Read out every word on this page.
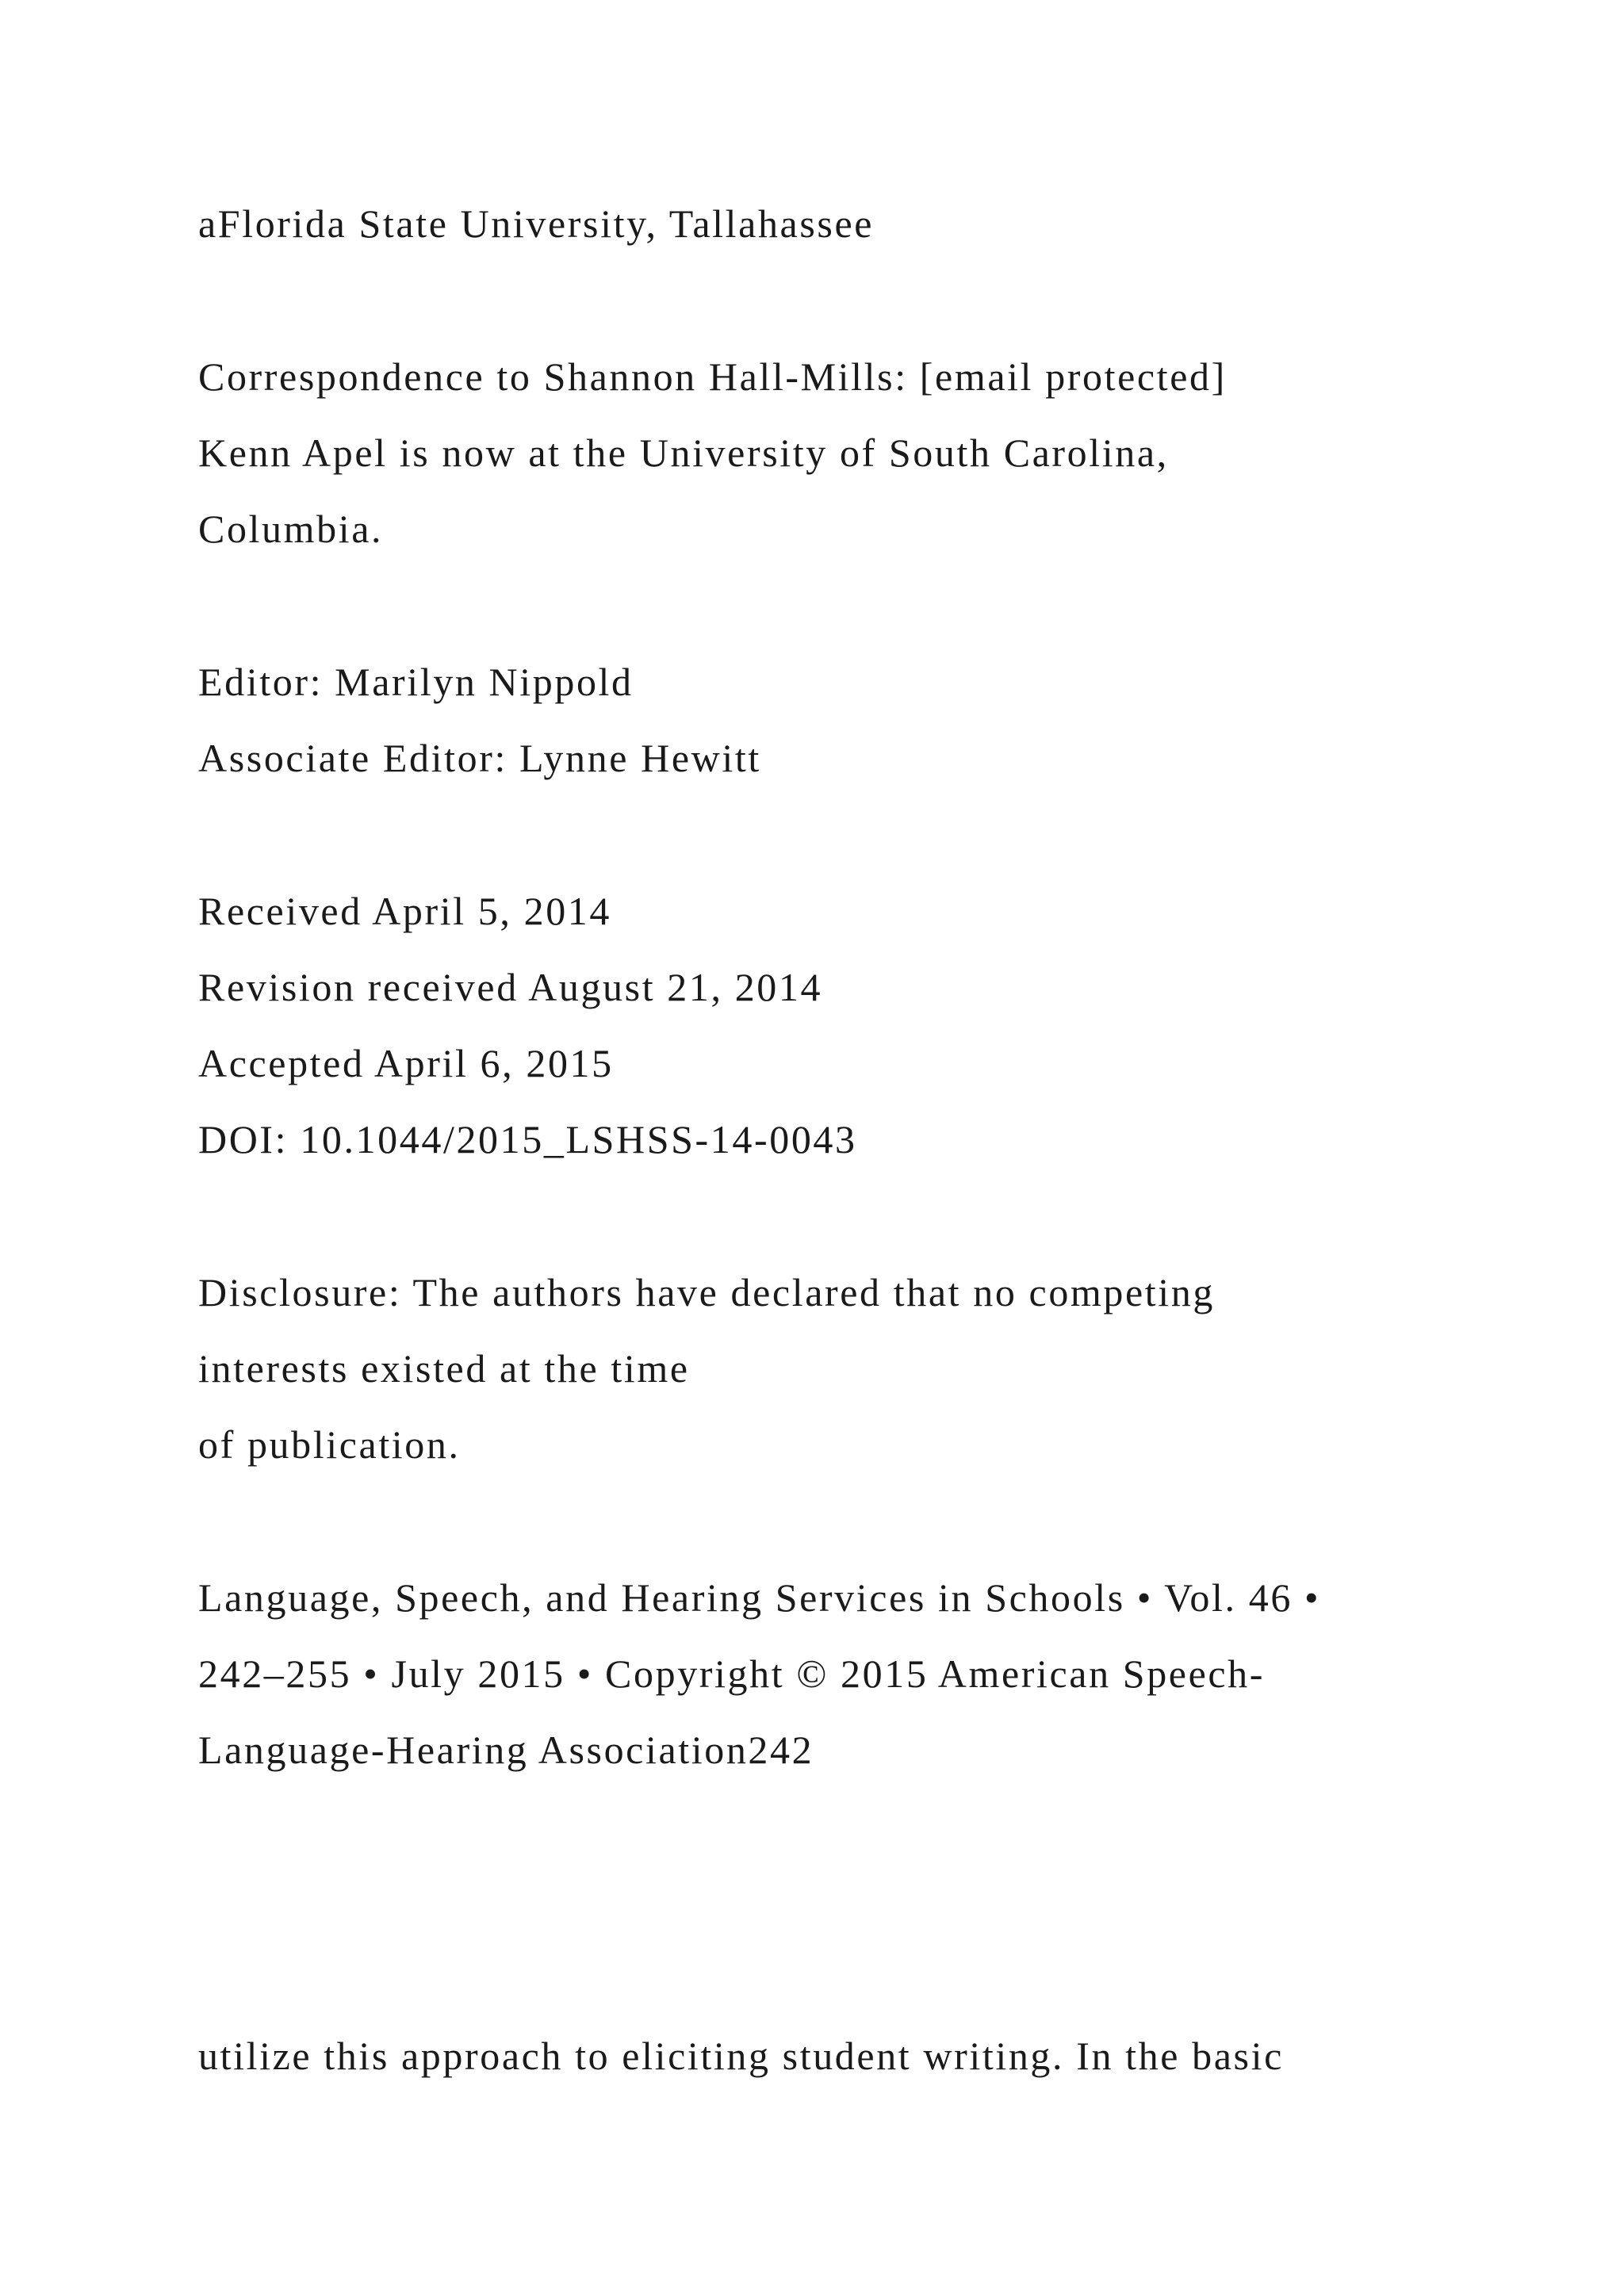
aFlorida State University, Tallahassee

Correspondence to Shannon Hall-Mills: [email protected]

Kenn Apel is now at the University of South Carolina,

Columbia.

Editor: Marilyn Nippold

Associate Editor: Lynne Hewitt

Received April 5, 2014

Revision received August 21, 2014

Accepted April 6, 2015

DOI: 10.1044/2015_LSHSS-14-0043

Disclosure: The authors have declared that no competing

interests existed at the time

of publication.

Language, Speech, and Hearing Services in Schools • Vol. 46 •

242–255 • July 2015 • Copyright © 2015 American Speech-

Language-Hearing Association242

utilize this approach to eliciting student writing. In the basic
